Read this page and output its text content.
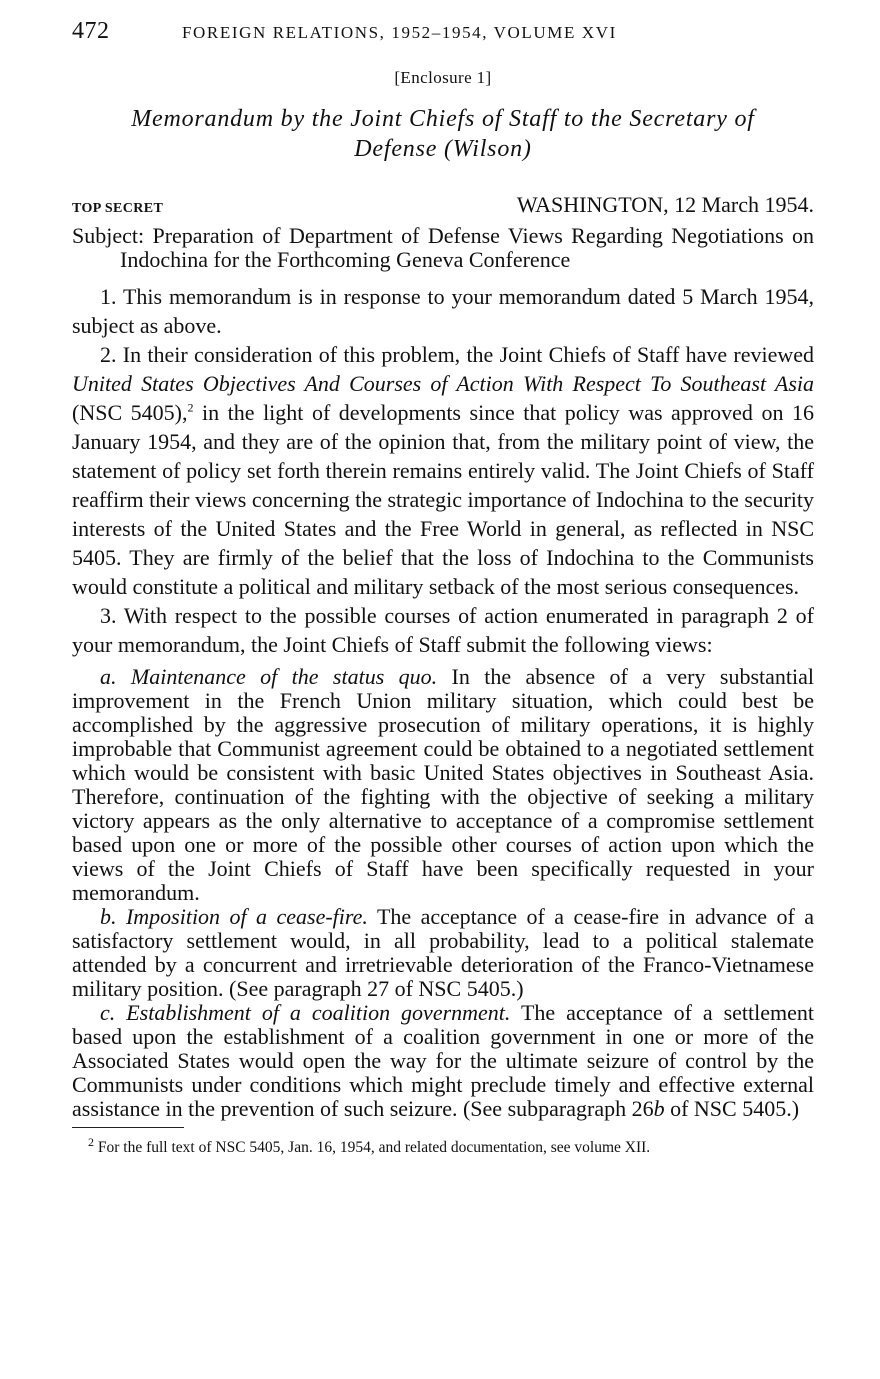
472	FOREIGN RELATIONS, 1952–1954, VOLUME XVI
[Enclosure 1]
Memorandum by the Joint Chiefs of Staff to the Secretary of Defense (Wilson)
TOP SECRET	WASHINGTON, 12 March 1954.
Subject: Preparation of Department of Defense Views Regarding Negotiations on Indochina for the Forthcoming Geneva Conference

1. This memorandum is in response to your memorandum dated 5 March 1954, subject as above.

2. In their consideration of this problem, the Joint Chiefs of Staff have reviewed United States Objectives And Courses of Action With Respect To Southeast Asia (NSC 5405),$^2$ in the light of developments since that policy was approved on 16 January 1954, and they are of the opinion that, from the military point of view, the statement of policy set forth therein remains entirely valid. The Joint Chiefs of Staff reaffirm their views concerning the strategic importance of Indochina to the security interests of the United States and the Free World in general, as reflected in NSC 5405. They are firmly of the belief that the loss of Indochina to the Communists would constitute a political and military setback of the most serious consequences.

3. With respect to the possible courses of action enumerated in paragraph 2 of your memorandum, the Joint Chiefs of Staff submit the following views:

a. Maintenance of the status quo. In the absence of a very substantial improvement in the French Union military situation, which could best be accomplished by the aggressive prosecution of military operations, it is highly improbable that Communist agreement could be obtained to a negotiated settlement which would be consistent with basic United States objectives in Southeast Asia. Therefore, continuation of the fighting with the objective of seeking a military victory appears as the only alternative to acceptance of a compromise settlement based upon one or more of the possible other courses of action upon which the views of the Joint Chiefs of Staff have been specifically requested in your memorandum.

b. Imposition of a cease-fire. The acceptance of a cease-fire in advance of a satisfactory settlement would, in all probability, lead to a political stalemate attended by a concurrent and irretrievable deterioration of the Franco-Vietnamese military position. (See paragraph 27 of NSC 5405.)

c. Establishment of a coalition government. The acceptance of a settlement based upon the establishment of a coalition government in one or more of the Associated States would open the way for the ultimate seizure of control by the Communists under conditions which might preclude timely and effective external assistance in the prevention of such seizure. (See subparagraph 26b of NSC 5405.)

$^2$ For the full text of NSC 5405, Jan. 16, 1954, and related documentation, see volume XII.
